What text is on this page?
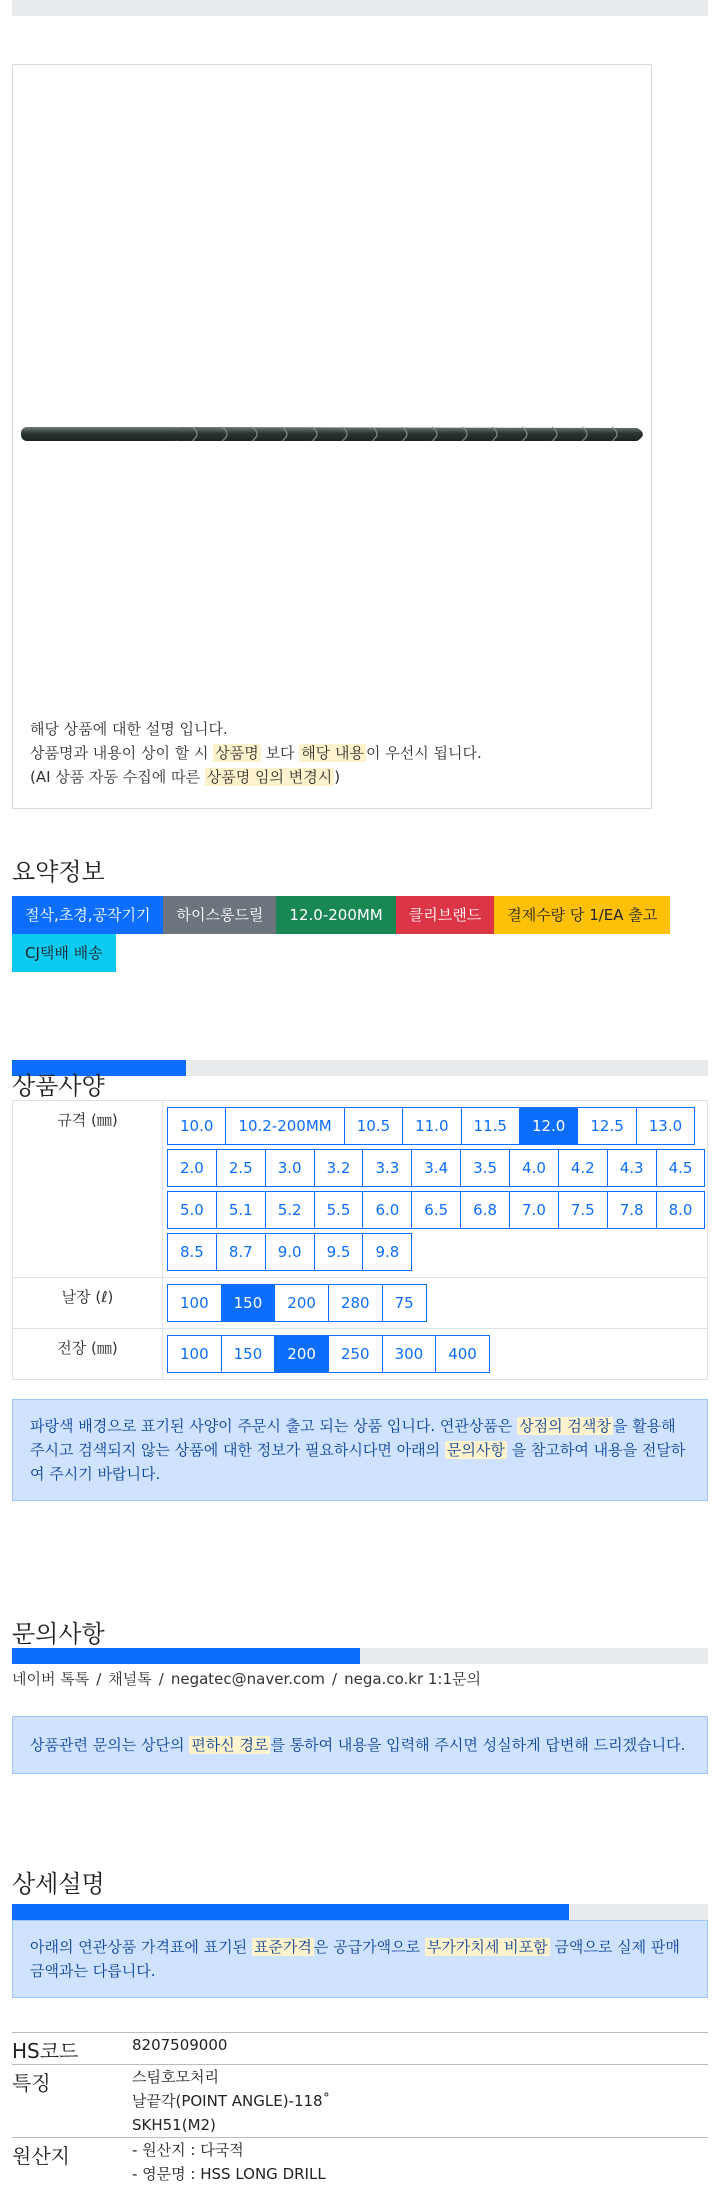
해당 상품에 대한 설명 입니다.
상품명과 내용이 상이 할 시 상품명 보다 해당 내용 이 우선시 됩니다.
(AI 상품 자동 수집에 따른 상품명 임의 변경시 )
요약정보
절삭,초경,공작기기	하이스롱드릴	12.0-200MM	클리브랜드	결제수량 당 1/EA 출고
CJ택배 배송
상품사양
규격 (㎜)	10.0	10.2-200MM	10.5	11.0	11.5	12.0	12.5	13.0
2.0	2.5	3.0	3.2	3.3	3.4	3.5	4.0	4.2	4.3	4.5
5.0	5.1	5.2	5.5	6.0	6.5	6.8	7.0	7.5	7.8	8.0
8.5	8.7	9.0	9.5	9.8
날장 (ℓ)	100	150	200	280	75
전장 (㎜)	100	150	200	250	300	400
파랑색 배경으로 표기된 사양이 주문시 출고 되는 상품 입니다. 연관상품은 상점의 검색창 을 활용해 주시고 검색되지 않는 상품에 대한 정보가 필요하시다면 아래의 문의사항 을 참고하여 내용을 전달하여 주시기 바랍니다.
문의사항
네이버 톡톡 / 채널톡 / negatec@naver.com / nega.co.kr 1:1문의
상품관련 문의는 상단의 편하신 경로 를 통하여 내용을 입력해 주시면 성실하게 답변해 드리겠습니다.
상세설명
아래의 연관상품 가격표에 표기된 표준가격 은 공급가액으로 부가가치세 비포함 금액으로 실제 판매금액과는 다릅니다.
HS코드	8207509000
특징	스팀호모처리
날끝각(POINT ANGLE)-118˚
SKH51(M2)
원산지	- 원산지 : 다국적
- 영문명 : HSS LONG DRILL
